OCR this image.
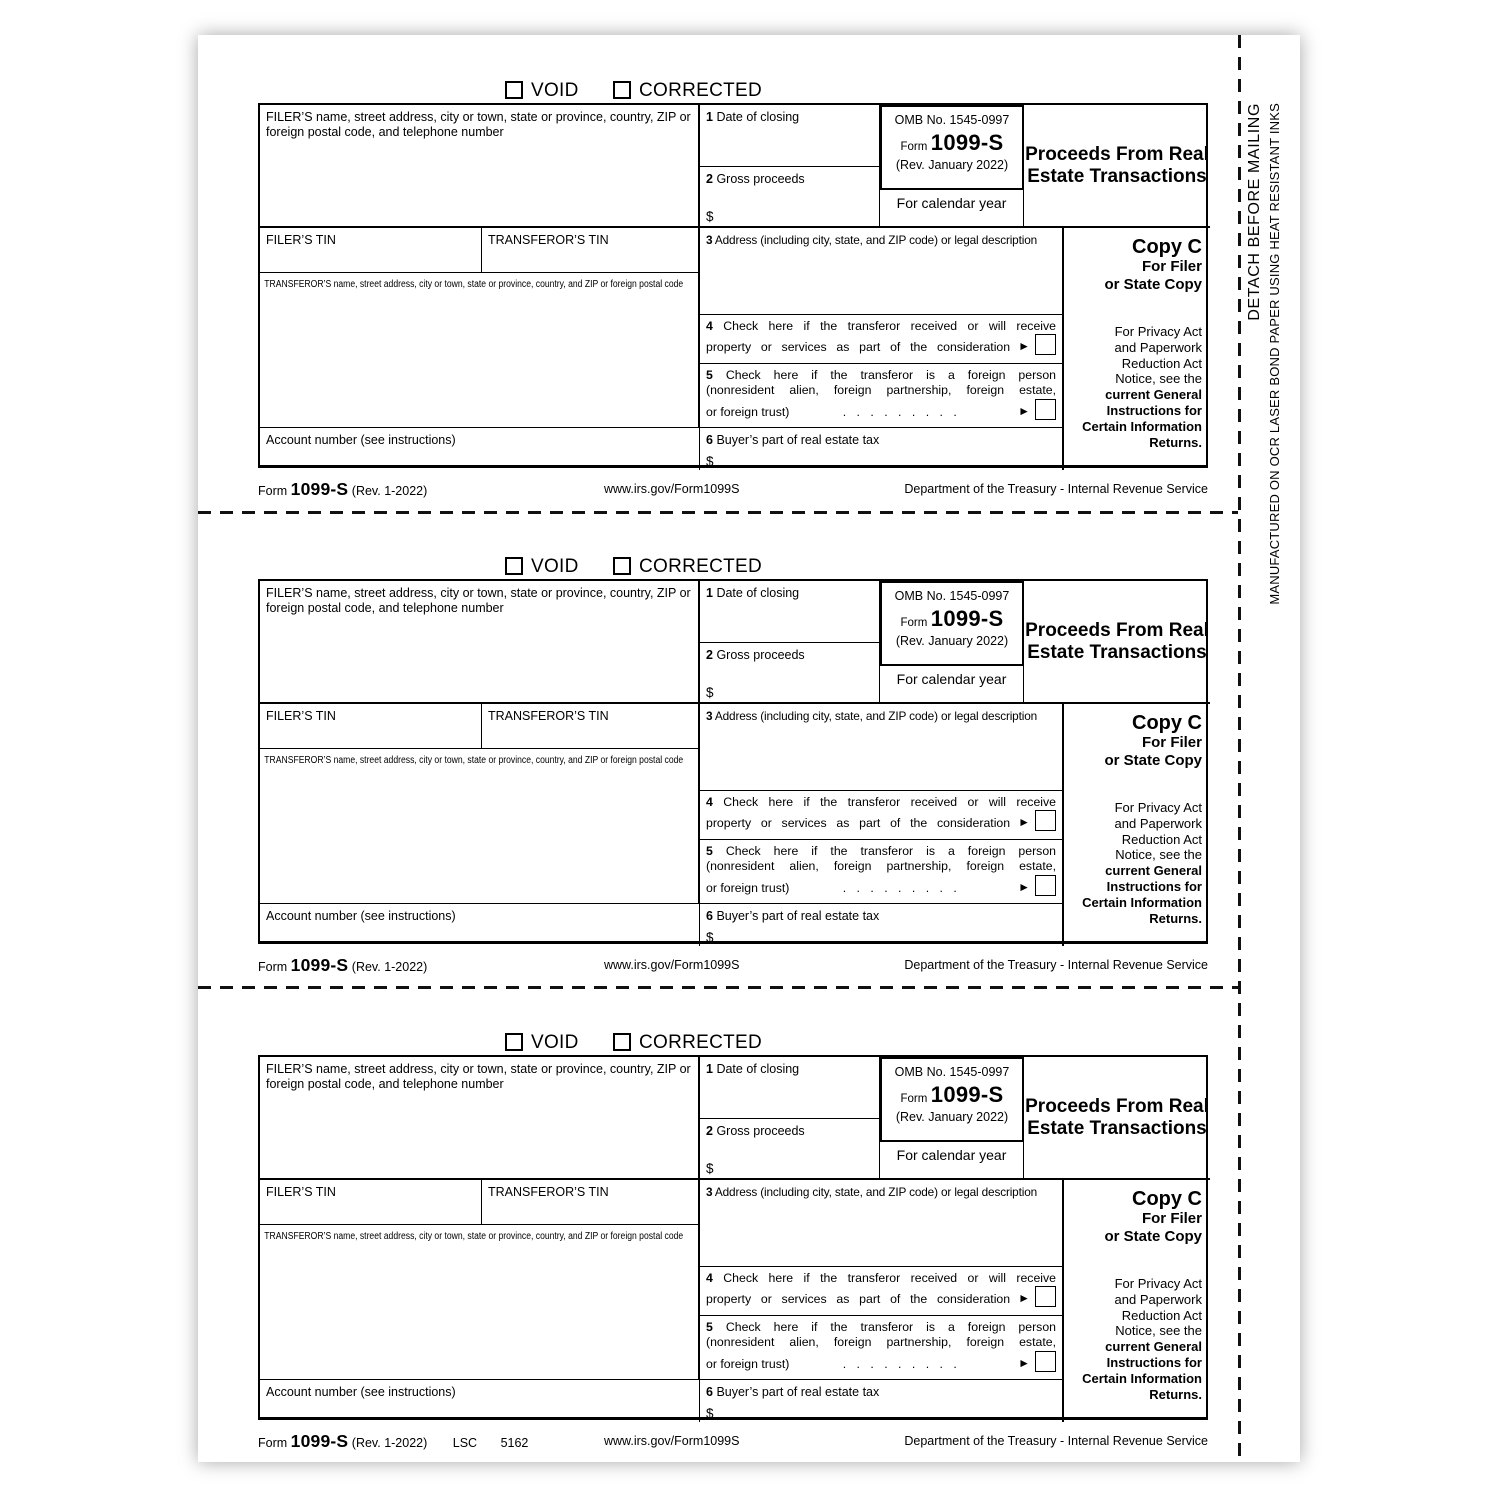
VOID	CORRECTED
FILER’S name, street address, city or town, state or province, country, ZIP or foreign postal code, and telephone number
1 Date of closing
2 Gross proceeds
$
OMB No. 1545-0997
Form 1099-S
(Rev. January 2022)
For calendar year
Proceeds From Real
Estate Transactions
FILER’S TIN	TRANSFEROR’S TIN
TRANSFEROR’S name, street address, city or town, state or province, country, and ZIP or foreign postal code
3 Address (including city, state, and ZIP code) or legal description
4 Check here if the transferor received or will receive
property or services as part of the consideration ►
5 Check here if the transferor is a foreign person
(nonresident alien, foreign partnership, foreign estate,
or foreign trust)	. . . . . . . . .	►
Account number (see instructions)	6 Buyer’s part of real estate tax
$
Copy C
For Filer
or State Copy
For Privacy Act
and Paperwork
Reduction Act
Notice, see the
current General
Instructions for
Certain Information
Returns.
Form 1099-S (Rev. 1-2022)	www.irs.gov/Form1099S	Department of the Treasury - Internal Revenue Service
VOID	CORRECTED
FILER’S name, street address, city or town, state or province, country, ZIP or foreign postal code, and telephone number
1 Date of closing
2 Gross proceeds
$
OMB No. 1545-0997
Form 1099-S
(Rev. January 2022)
For calendar year
Proceeds From Real
Estate Transactions
FILER’S TIN	TRANSFEROR’S TIN
TRANSFEROR’S name, street address, city or town, state or province, country, and ZIP or foreign postal code
3 Address (including city, state, and ZIP code) or legal description
4 Check here if the transferor received or will receive
property or services as part of the consideration ►
5 Check here if the transferor is a foreign person
(nonresident alien, foreign partnership, foreign estate,
or foreign trust)	. . . . . . . . .	►
Account number (see instructions)	6 Buyer’s part of real estate tax
$
Copy C
For Filer
or State Copy
For Privacy Act
and Paperwork
Reduction Act
Notice, see the
current General
Instructions for
Certain Information
Returns.
Form 1099-S (Rev. 1-2022)	www.irs.gov/Form1099S	Department of the Treasury - Internal Revenue Service
VOID	CORRECTED
FILER’S name, street address, city or town, state or province, country, ZIP or foreign postal code, and telephone number
1 Date of closing
2 Gross proceeds
$
OMB No. 1545-0997
Form 1099-S
(Rev. January 2022)
For calendar year
Proceeds From Real
Estate Transactions
FILER’S TIN	TRANSFEROR’S TIN
TRANSFEROR’S name, street address, city or town, state or province, country, and ZIP or foreign postal code
3 Address (including city, state, and ZIP code) or legal description
4 Check here if the transferor received or will receive
property or services as part of the consideration ►
5 Check here if the transferor is a foreign person
(nonresident alien, foreign partnership, foreign estate,
or foreign trust)	. . . . . . . . .	►
Account number (see instructions)	6 Buyer’s part of real estate tax
$
Copy C
For Filer
or State Copy
For Privacy Act
and Paperwork
Reduction Act
Notice, see the
current General
Instructions for
Certain Information
Returns.
Form 1099-S (Rev. 1-2022) LSC 5162	www.irs.gov/Form1099S	Department of the Treasury - Internal Revenue Service
DETACH BEFORE MAILING MANUFACTURED ON OCR LASER BOND PAPER USING HEAT RESISTANT INKS
